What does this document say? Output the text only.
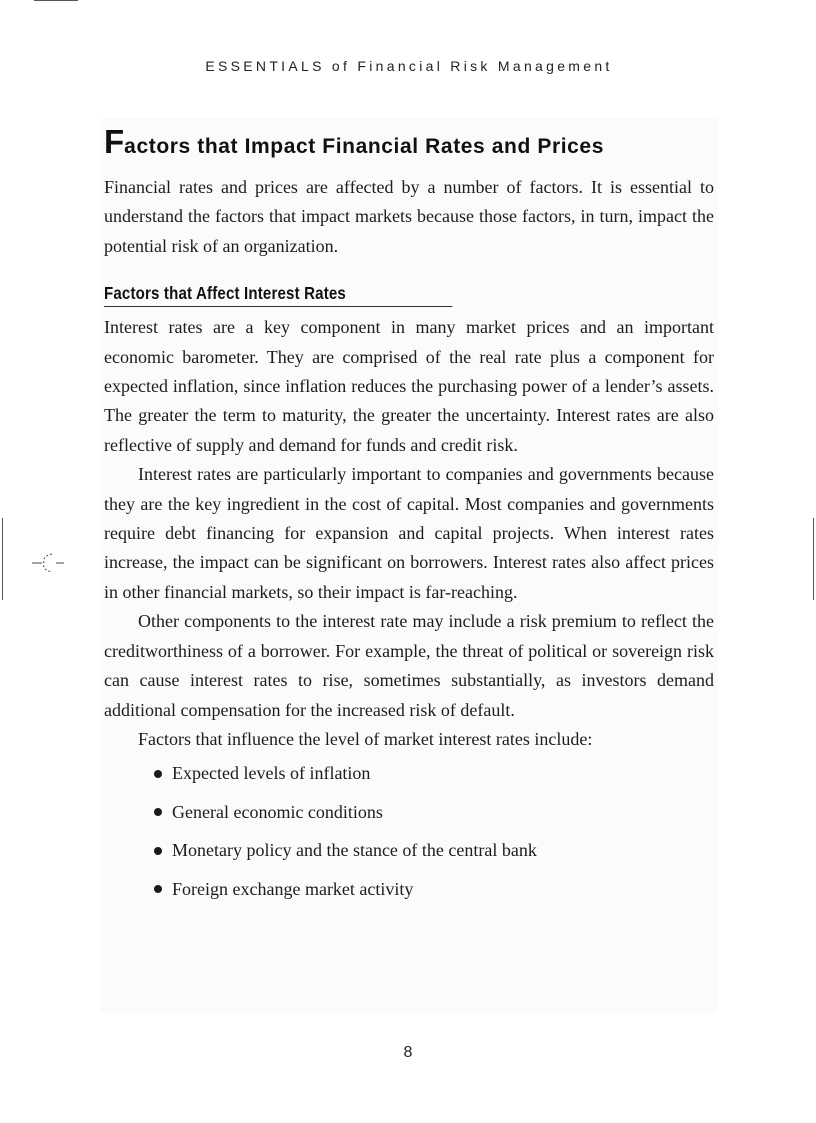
ESSENTIALS of Financial Risk Management

Factors that Impact Financial Rates and Prices

Financial rates and prices are affected by a number of factors. It is essential to understand the factors that impact markets because those factors, in turn, impact the potential risk of an organization.

Factors that Affect Interest Rates

Interest rates are a key component in many market prices and an important economic barometer. They are comprised of the real rate plus a component for expected inflation, since inflation reduces the purchasing power of a lender’s assets. The greater the term to maturity, the greater the uncertainty. Interest rates are also reflective of supply and demand for funds and credit risk.

Interest rates are particularly important to companies and governments because they are the key ingredient in the cost of capital. Most companies and governments require debt financing for expansion and capital projects. When interest rates increase, the impact can be significant on borrowers. Interest rates also affect prices in other financial markets, so their impact is far-reaching.

Other components to the interest rate may include a risk premium to reflect the creditworthiness of a borrower. For example, the threat of political or sovereign risk can cause interest rates to rise, sometimes substantially, as investors demand additional compensation for the increased risk of default.

Factors that influence the level of market interest rates include:

Expected levels of inflation
General economic conditions
Monetary policy and the stance of the central bank
Foreign exchange market activity

8
